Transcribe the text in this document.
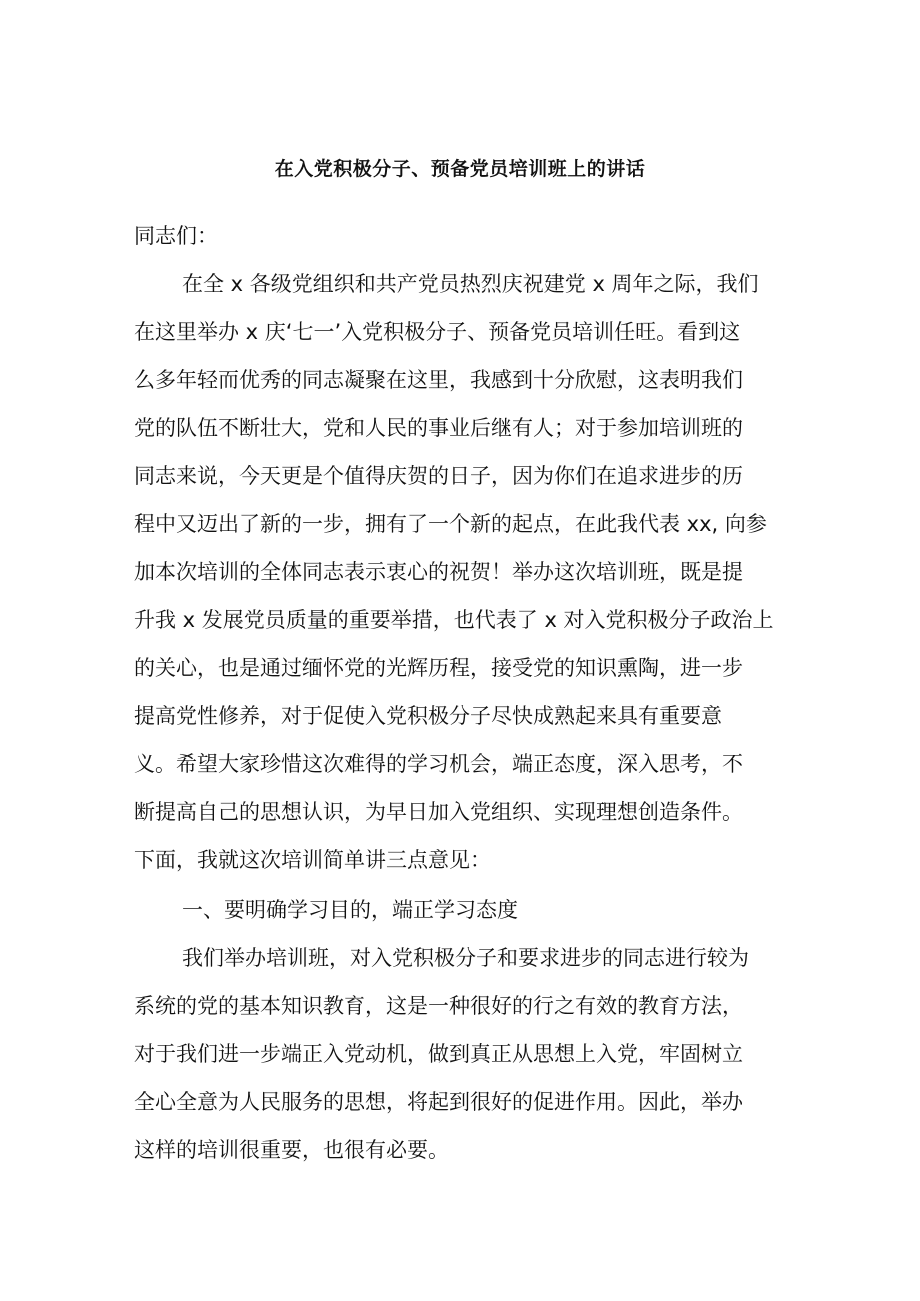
在入党积极分子、预备党员培训班上的讲话
同志们：
在全 x 各级党组织和共产党员热烈庆祝建党 x 周年之际，我们
在这里举办 x 庆‘七一’入党积极分子、预备党员培训任旺。看到这
么多年轻而优秀的同志凝聚在这里，我感到十分欣慰，这表明我们
党的队伍不断壮大，党和人民的事业后继有人；对于参加培训班的
同志来说，今天更是个值得庆贺的日子，因为你们在追求进步的历
程中又迈出了新的一步，拥有了一个新的起点，在此我代表 xx, 向参
加本次培训的全体同志表示衷心的祝贺！举办这次培训班，既是提
升我 x 发展党员质量的重要举措，也代表了 x 对入党积极分子政治上
的关心，也是通过缅怀党的光辉历程，接受党的知识熏陶，进一步
提高党性修养，对于促使入党积极分子尽快成熟起来具有重要意
义。希望大家珍惜这次难得的学习机会，端正态度，深入思考，不
断提高自己的思想认识，为早日加入党组织、实现理想创造条件。
下面，我就这次培训简单讲三点意见：
一、要明确学习目的，端正学习态度
我们举办培训班，对入党积极分子和要求进步的同志进行较为
系统的党的基本知识教育，这是一种很好的行之有效的教育方法，
对于我们进一步端正入党动机，做到真正从思想上入党，牢固树立
全心全意为人民服务的思想，将起到很好的促进作用。因此，举办
这样的培训很重要，也很有必要。
